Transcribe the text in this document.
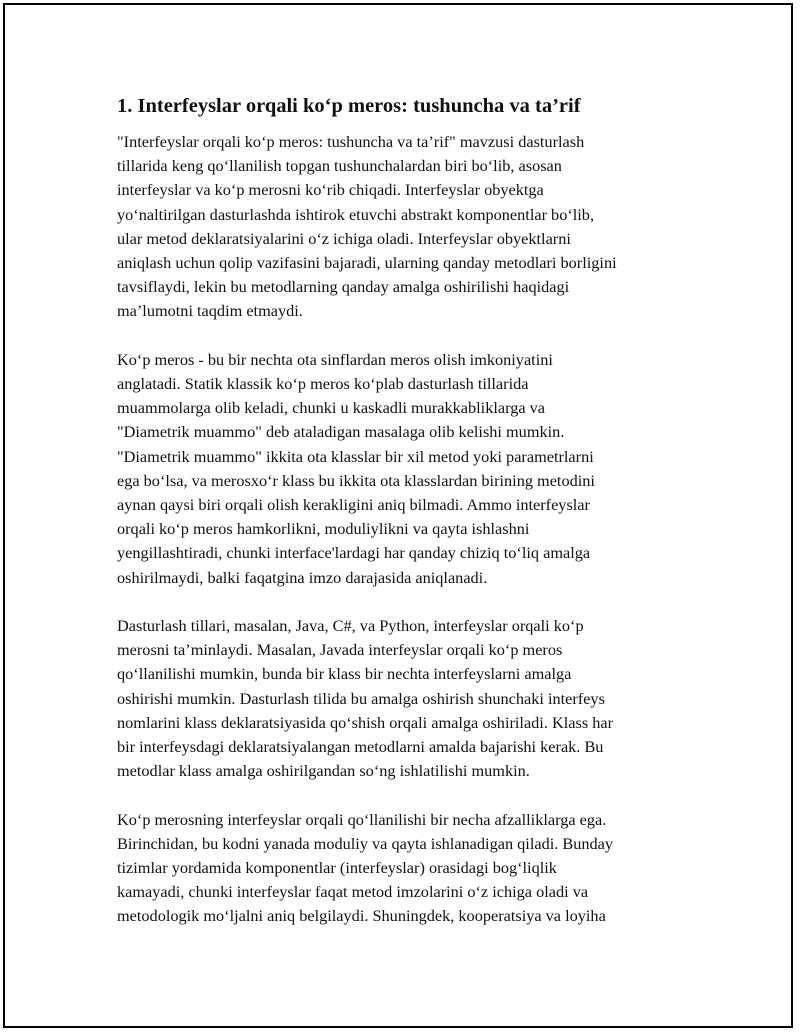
1. Interfeyslar orqali ko‘p meros: tushuncha va ta’rif
"Interfeyslar orqali ko‘p meros: tushuncha va ta’rif" mavzusi dasturlash
tillarida keng qo‘llanilish topgan tushunchalardan biri bo‘lib, asosan
interfeyslar va ko‘p merosni ko‘rib chiqadi. Interfeyslar obyektga
yo‘naltirilgan dasturlashda ishtirok etuvchi abstrakt komponentlar bo‘lib,
ular metod deklaratsiyalarini o‘z ichiga oladi. Interfeyslar obyektlarni
aniqlash uchun qolip vazifasini bajaradi, ularning qanday metodlari borligini
tavsiflaydi, lekin bu metodlarning qanday amalga oshirilishi haqidagi
ma’lumotni taqdim etmaydi.
Ko‘p meros - bu bir nechta ota sinflardan meros olish imkoniyatini
anglatadi. Statik klassik ko‘p meros ko‘plab dasturlash tillarida
muammolarga olib keladi, chunki u kaskadli murakkabliklarga va
"Diametrik muammo" deb ataladigan masalaga olib kelishi mumkin.
"Diametrik muammo" ikkita ota klasslar bir xil metod yoki parametrlarni
ega bo‘lsa, va merosxo‘r klass bu ikkita ota klasslardan birining metodini
aynan qaysi biri orqali olish kerakligini aniq bilmadi. Ammo interfeyslar
orqali ko‘p meros hamkorlikni, moduliylikni va qayta ishlashni
yengillashtiradi, chunki interface'lardagi har qanday chiziq to‘liq amalga
oshirilmaydi, balki faqatgina imzo darajasida aniqlanadi.
Dasturlash tillari, masalan, Java, C#, va Python, interfeyslar orqali ko‘p
merosni ta’minlaydi. Masalan, Javada interfeyslar orqali ko‘p meros
qo‘llanilishi mumkin, bunda bir klass bir nechta interfeyslarni amalga
oshirishi mumkin. Dasturlash tilida bu amalga oshirish shunchaki interfeys
nomlarini klass deklaratsiyasida qo‘shish orqali amalga oshiriladi. Klass har
bir interfeysdagi deklaratsiyalangan metodlarni amalda bajarishi kerak. Bu
metodlar klass amalga oshirilgandan so‘ng ishlatilishi mumkin.
Ko‘p merosning interfeyslar orqali qo‘llanilishi bir necha afzalliklarga ega.
Birinchidan, bu kodni yanada moduliy va qayta ishlanadigan qiladi. Bunday
tizimlar yordamida komponentlar (interfeyslar) orasidagi bog‘liqlik
kamayadi, chunki interfeyslar faqat metod imzolarini o‘z ichiga oladi va
metodologik mo‘ljalni aniq belgilaydi. Shuningdek, kooperatsiya va loyiha
